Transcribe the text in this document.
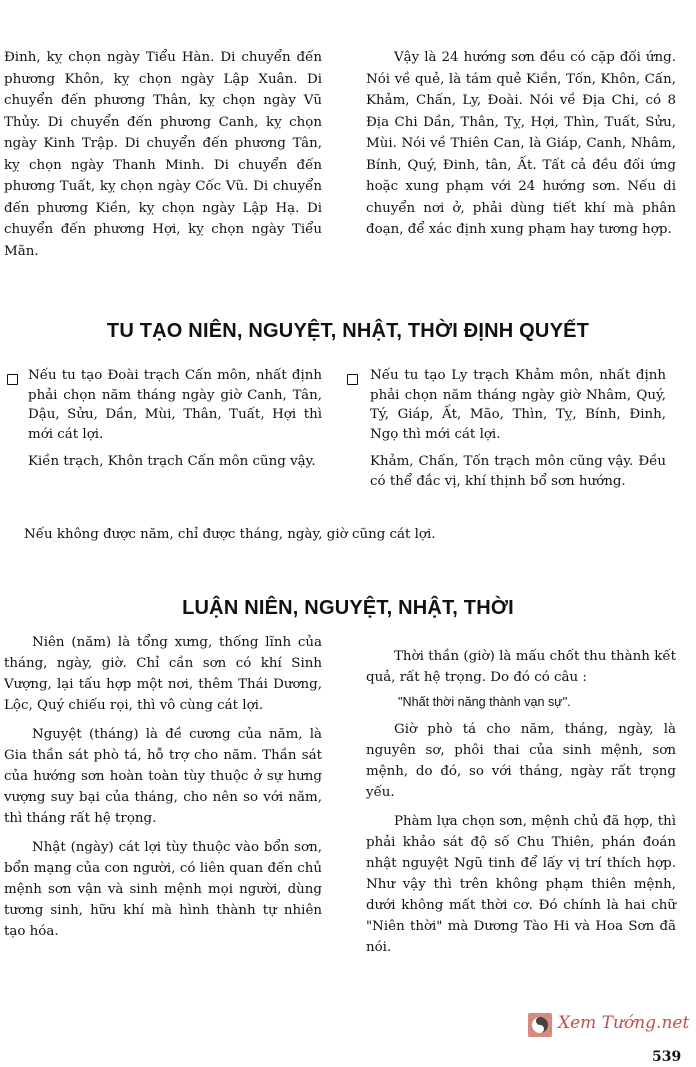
Đinh, kỵ chọn ngày Tiểu Hàn. Di chuyển đến phương Khôn, kỵ chọn ngày Lập Xuân. Di chuyển đến phương Thân, kỵ chọn ngày Vũ Thủy. Di chuyển đến phương Canh, kỵ chọn ngày Kinh Trập. Di chuyển đến phương Tân, kỵ chọn ngày Thanh Minh. Di chuyển đến phương Tuất, kỵ chọn ngày Cốc Vũ. Di chuyển đến phương Kiền, kỵ chọn ngày Lập Hạ. Di chuyển đến phương Hợi, kỵ chọn ngày Tiểu Mãn.

Vậy là 24 hướng sơn đều có cặp đối ứng. Nói về quẻ, là tám quẻ Kiền, Tốn, Khôn, Cấn, Khảm, Chấn, Ly, Đoài. Nói về Địa Chi, có 8 Địa Chi Dần, Thân, Tỵ, Hợi, Thìn, Tuất, Sửu, Mùi. Nói về Thiên Can, là Giáp, Canh, Nhâm, Bính, Quý, Đinh, tân, Ất. Tất cả đều đối ứng hoặc xung phạm với 24 hướng sơn. Nếu di chuyển nơi ở, phải dùng tiết khí mà phân đoạn, để xác định xung phạm hay tương hợp.

TU TẠO NIÊN, NGUYỆT, NHẬT, THỜI ĐỊNH QUYẾT

Nếu tu tạo Đoài trạch Cấn môn, nhất định phải chọn năm tháng ngày giờ Canh, Tân, Dậu, Sửu, Dần, Mùi, Thân, Tuất, Hợi thì mới cát lợi.

Kiền trạch, Khôn trạch Cấn môn cũng vậy.

Nếu tu tạo Ly trạch Khảm môn, nhất định phải chọn năm tháng ngày giờ Nhâm, Quý, Tý, Giáp, Ất, Mão, Thìn, Tỵ, Bính, Đinh, Ngọ thì mới cát lợi.

Khảm, Chấn, Tốn trạch môn cũng vậy. Đều có thể đắc vị, khí thịnh bổ sơn hướng.

Nếu không được năm, chỉ được tháng, ngày, giờ cũng cát lợi.
LUẬN NIÊN, NGUYỆT, NHẬT, THỜI

Niên (năm) là tổng xưng, thống lĩnh của tháng, ngày, giờ. Chỉ cần sơn có khí Sinh Vượng, lại tấu hợp một nơi, thêm Thái Dương, Lộc, Quý chiếu rọi, thì vô cùng cát lợi.

Nguyệt (tháng) là đề cương của năm, là Gia thần sát phò tá, hỗ trợ cho năm. Thần sát của hướng sơn hoàn toàn tùy thuộc ở sự hưng vượng suy bại của tháng, cho nên so với năm, thì tháng rất hệ trọng.

Nhật (ngày) cát lợi tùy thuộc vào bổn sơn, bổn mạng của con người, có liên quan đến chủ mệnh sơn vận và sinh mệnh mọi người, dùng tương sinh, hữu khí mà hình thành tự nhiên tạo hóa.

Thời thần (giờ) là mấu chốt thu thành kết quả, rất hệ trọng. Do đó có câu :

"Nhất thời năng thành vạn sự".

Giờ phò tá cho năm, tháng, ngày, là nguyên sơ, phôi thai của sinh mệnh, sơn mệnh, do đó, so với tháng, ngày rất trọng yếu.

Phàm lựa chọn sơn, mệnh chủ đã hợp, thì phải khảo sát độ số Chu Thiên, phán đoán nhật nguyệt Ngũ tinh để lấy vị trí thích hợp. Như vậy thì trên không phạm thiên mệnh, dưới không mất thời cơ. Đó chính là hai chữ "Niên thời" mà Dương Tào Hi và Hoa Sơn đã nói.

Xem Tướng.net
539
